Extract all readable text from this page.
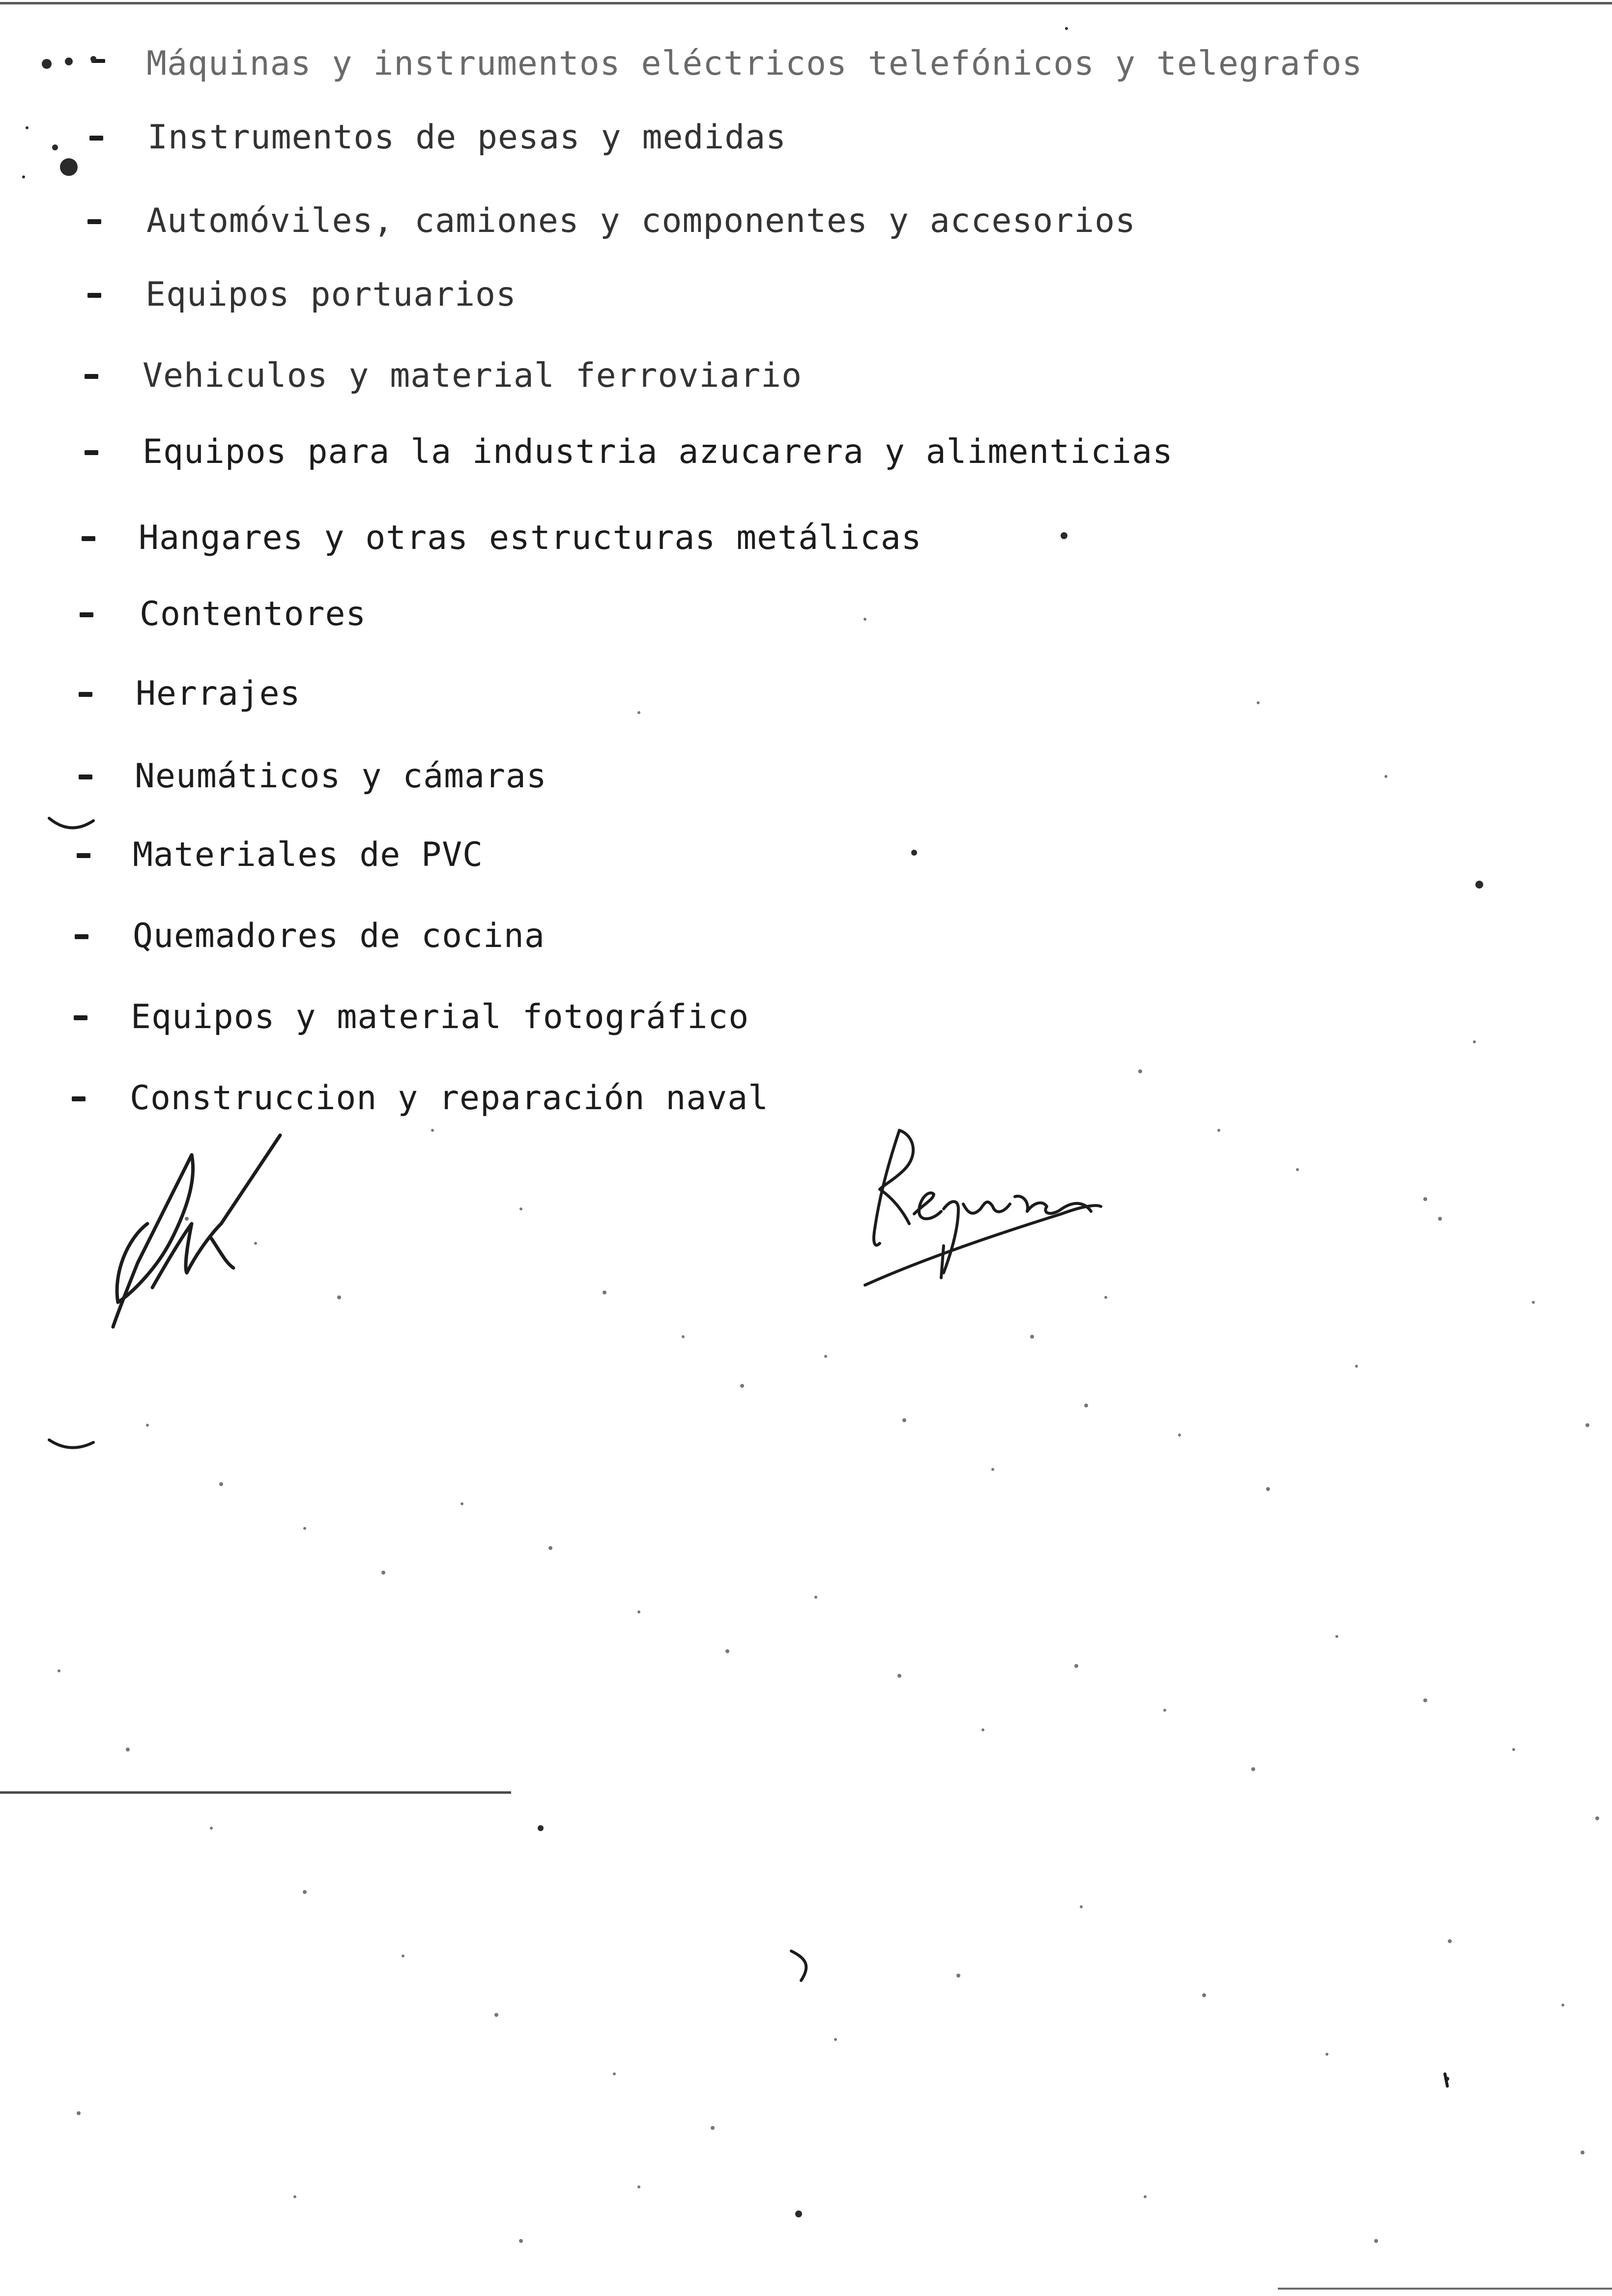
Máquinas y instrumentos eléctricos telefónicos y telegrafos
Instrumentos de pesas y medidas
Automóviles, camiones y componentes y accesorios
Equipos portuarios
Vehiculos y material ferroviario
Equipos para la industria azucarera y alimenticias
Hangares y otras estructuras metálicas
Contentores
Herrajes
Neumáticos y cámaras
Materiales de PVC
Quemadores de cocina
Equipos y material fotográfico
Construccion y reparación naval
